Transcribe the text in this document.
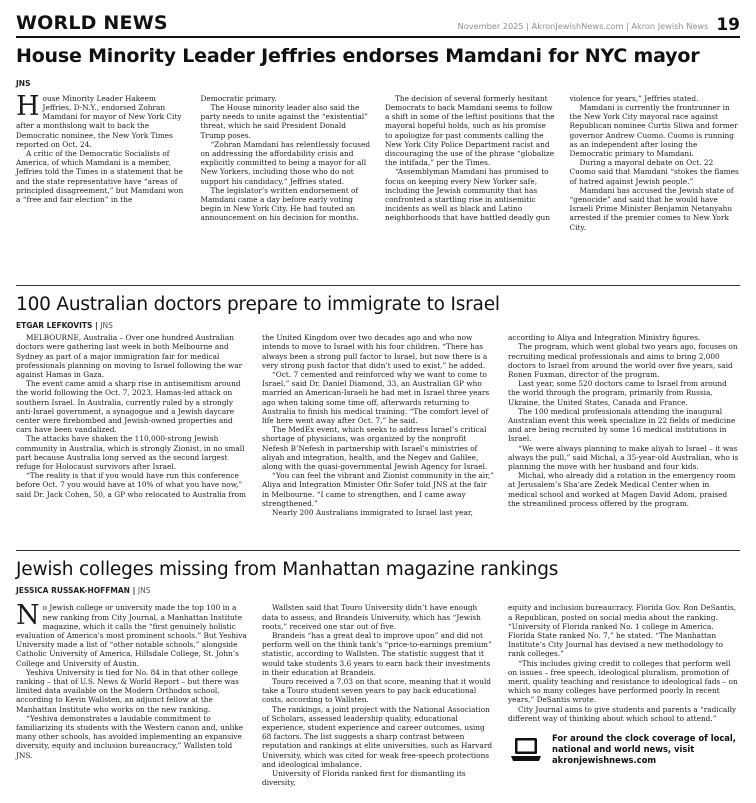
WORLD NEWS	November 2025 | AkronJewishNews.com | Akron Jewish News 19
House Minority Leader Jeffries endorses Mamdani for NYC mayor
JNS

House Minority Leader Hakeem Jeffries, D-N.Y., endorsed Zohran Mamdani for mayor of New York City after a monthslong wait to back the Democratic nominee, the New York Times reported on Oct. 24.

A critic of the Democratic Socialists of America, of which Mamdani is a member, Jeffries told the Times in a statement that he and the state representative have “areas of principled disagreement,” but Mamdani won a “free and fair election” in the

Democratic primary.

The House minority leader also said the party needs to unite against the “existential” threat, which he said President Donald Trump poses.

“Zohran Mamdani has relentlessly focused on addressing the affordability crisis and explicitly committed to being a mayor for all New Yorkers, including those who do not support his candidacy,” Jeffries stated.

The legislator’s written endorsement of Mamdani came a day before early voting begin in New York City. He had touted an announcement on his decision for months.

The decision of several formerly hesitant Democrats to back Mamdani seems to follow a shift in some of the leftist positions that the mayoral hopeful holds, such as his promise to apologize for past comments calling the New York City Police Department racist and discouraging the use of the phrase “globalize the intifada,” per the Times.

“Assemblyman Mamdani has promised to focus on keeping every New Yorker safe, including the Jewish community that has confronted a startling rise in antisemitic incidents as well as black and Latino neighborhoods that have battled deadly gun

violence for years,” Jeffries stated.

Mamdani is currently the frontrunner in the New York City mayoral race against Republican nominee Curtis Sliwa and former governor Andrew Cuomo. Cuomo is running as an independent after losing the Democratic primary to Mamdani.

During a mayoral debate on Oct. 22 Cuomo said that Mamdani “stokes the flames of hatred against Jewish people.”

Mamdani has accused the Jewish state of “genocide” and said that he would have Israeli Prime Minister Benjamin Netanyahu arrested if the premier comes to New York City.

100 Australian doctors prepare to immigrate to Israel
ETGAR LEFKOVITS | JNS

MELBOURNE, Australia – Over one hundred Australian doctors were gathering last week in both Melbourne and Sydney as part of a major immigration fair for medical professionals planning on moving to Israel following the war against Hamas in Gaza.

The event came amid a sharp rise in antisemitism around the world following the Oct. 7, 2023, Hamas-led attack on southern Israel. In Australia, currently ruled by a strongly anti-Israel government, a synagogue and a Jewish daycare center were firebombed and Jewish-owned properties and cars have been vandalized.

The attacks have shaken the 110,000-strong Jewish community in Australia, which is strongly Zionist, in no small part because Australia long served as the second largest refuge for Holocaust survivors after Israel.

“The reality is that if you would have run this conference before Oct. 7 you would have at 10% of what you have now,” said Dr. Jack Cohen, 50, a GP who relocated to Australia from

the United Kingdom over two decades ago and who now intends to move to Israel with his four children. “There has always been a strong pull factor to Israel, but now there is a very strong push factor that didn’t used to exist,” he added.

“Oct. 7 cemented and reinforced why we want to come to Israel,” said Dr. Daniel Diamond, 33, an Australian GP who married an American-Israeli he had met in Israel three years ago when taking some time off, afterwards returning to Australia to finish his medical training. “The comfort level of life here went away after Oct. 7,” he said.

The MedEx event, which seeks to address Israel’s critical shortage of physicians, was organized by the nonprofit Nefesh B’Nefesh in partnership with Israel’s ministries of aliyah and integration, health, and the Negev and Galilee, along with the quasi-governmental Jewish Agency for Israel.

“You can feel the vibrant and Zionist community in the air,” Aliya and Integration Minister Ofir Sofer told JNS at the fair in Melbourne. “I came to strengthen, and I came away strengthened.”

Nearly 200 Australians immigrated to Israel last year,

according to Aliya and Integration Ministry figures.

The program, which went global two years ago, focuses on recruiting medical professionals and aims to bring 2,000 doctors to Israel from around the world over five years, said Ronen Fuxman, director of the program.

Last year, some 520 doctors came to Israel from around the world through the program, primarily from Russia, Ukraine, the United States, Canada and France.

The 100 medical professionals attending the inaugural Australian event this week specialize in 22 fields of medicine and are being recruited by some 16 medical institutions in Israel.

“We were always planning to make aliyah to Israel – it was always the pull,” said Michal, a 35-year-old Australian, who is planning the move with her husband and four kids.

Michal, who already did a rotation in the emergency room at Jerusalem’s Sha’are Zedek Medical Center when in medical school and worked at Magen David Adom, praised the streamlined process offered by the program.

Jewish colleges missing from Manhattan magazine rankings
JESSICA RUSSAK-HOFFMAN | JNS

No Jewish college or university made the top 100 in a new ranking from City Journal, a Manhattan Institute magazine, which it calls the “first genuinely holistic evaluation of America’s most prominent schools.” But Yeshiva University made a list of “other notable schools,” alongside Catholic University of America, Hillsdale College, St. John’s College and University of Austin.

Yeshiva University is tied for No. 84 in that other college ranking – that of U.S. News & World Report – but there was limited data available on the Modern Orthodox school, according to Kevin Wallsten, an adjunct fellow at the Manhattan Institute who works on the new ranking.

“Yeshiva demonstrates a laudable commitment to familiarizing its students with the Western canon and, unlike many other schools, has avoided implementing an expansive diversity, equity and inclusion bureaucracy,” Wallsten told JNS.

Wallsten said that Touro University didn’t have enough data to assess, and Brandeis University, which has “Jewish roots,” received one star out of five.

Brandeis “has a great deal to improve upon” and did not perform well on the think tank’s “price-to-earnings premium” statistic, according to Wallsten. The statistic suggest that it would take students 3.6 years to earn back their investments in their education at Brandeis.

Touro received a 7.03 on that score, meaning that it would take a Touro student seven years to pay back educational costs, according to Wallsten.

The rankings, a joint project with the National Association of Scholars, assessed leadership quality, educational experience, student experience and career outcomes, using 68 factors. The list suggests a sharp contrast between reputation and rankings at elite universities, such as Harvard University, which was cited for weak free-speech protections and ideological imbalance.

University of Florida ranked first for dismantling its diversity,

equity and inclusion bureaucracy. Florida Gov. Ron DeSantis, a Republican, posted on social media about the ranking. “University of Florida ranked No. 1 college in America. Florida State ranked No. 7,” he stated. “The Manhattan Institute’s City Journal has devised a new methodology to rank colleges.”

“This includes giving credit to colleges that perform well on issues – free speech, ideological pluralism, promotion of merit, quality teaching and resistance to ideological fads – on which so many colleges have performed poorly In recent years,” DeSantis wrote.

City Journal aims to give students and parents a “radically different way of thinking about which school to attend.”

For around the clock coverage of local, national and world news, visit akronjewishnews.com
